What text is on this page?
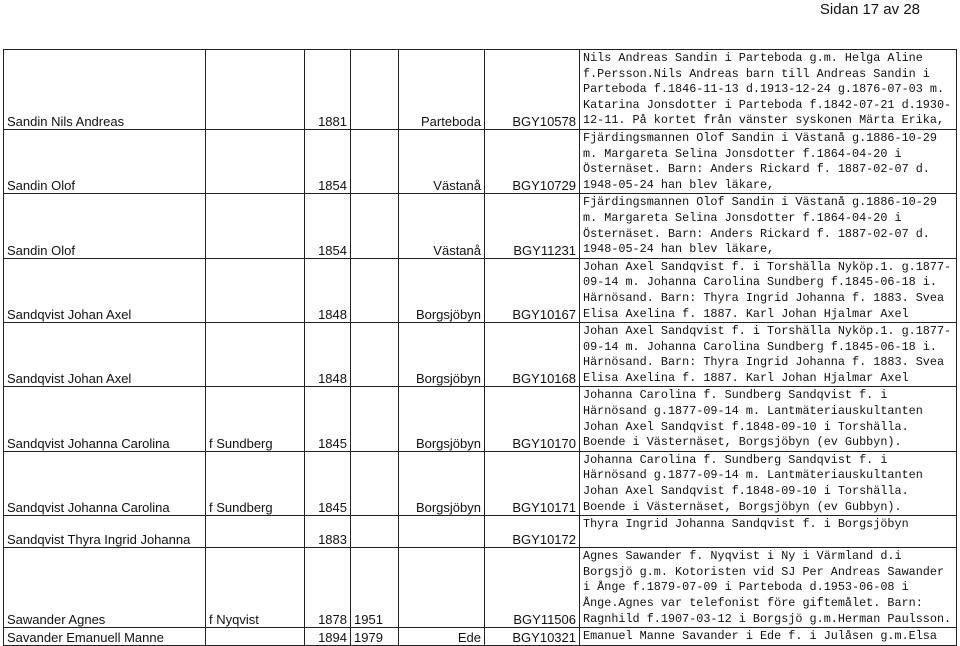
Sidan 17 av 28
Sandin Nils Andreas		1881		Parteboda	BGY10578	Nils Andreas Sandin i Parteboda g.m. Helga Aline f.Persson.Nils Andreas barn till Andreas Sandin i Parteboda f.1846-11-13 d.1913-12-24 g.1876-07-03 m. Katarina Jonsdotter i Parteboda f.1842-07-21 d.1930-12-11. På kortet från vänster syskonen Märta Erika,
Sandin Olof		1854		Västanå	BGY10729	Fjärdingsmannen Olof Sandin i Västanå g.1886-10-29 m. Margareta Selina Jonsdotter f.1864-04-20 i Östernäset. Barn: Anders Rickard f. 1887-02-07 d. 1948-05-24 han blev läkare,
Sandin Olof		1854		Västanå	BGY11231	Fjärdingsmannen Olof Sandin i Västanå g.1886-10-29 m. Margareta Selina Jonsdotter f.1864-04-20 i Östernäset. Barn: Anders Rickard f. 1887-02-07 d. 1948-05-24 han blev läkare,
Sandqvist Johan Axel		1848		Borgsjöbyn	BGY10167	Johan Axel Sandqvist f. i Torshälla Nyköp.1. g.1877-09-14 m. Johanna Carolina Sundberg f.1845-06-18 i. Härnösand. Barn: Thyra Ingrid Johanna f. 1883. Svea Elisa Axelina f. 1887. Karl Johan Hjalmar Axel
Sandqvist Johan Axel		1848		Borgsjöbyn	BGY10168	Johan Axel Sandqvist f. i Torshälla Nyköp.1. g.1877-09-14 m. Johanna Carolina Sundberg f.1845-06-18 i. Härnösand. Barn: Thyra Ingrid Johanna f. 1883. Svea Elisa Axelina f. 1887. Karl Johan Hjalmar Axel
Sandqvist Johanna Carolina	f Sundberg	1845		Borgsjöbyn	BGY10170	Johanna Carolina f. Sundberg Sandqvist f. i Härnösand g.1877-09-14 m. Lantmäteriauskultanten Johan Axel Sandqvist f.1848-09-10 i Torshälla. Boende i Västernäset, Borgsjöbyn (ev Gubbyn).
Sandqvist Johanna Carolina	f Sundberg	1845		Borgsjöbyn	BGY10171	Johanna Carolina f. Sundberg Sandqvist f. i Härnösand g.1877-09-14 m. Lantmäteriauskultanten Johan Axel Sandqvist f.1848-09-10 i Torshälla. Boende i Västernäset, Borgsjöbyn (ev Gubbyn).
Sandqvist Thyra Ingrid Johanna		1883			BGY10172	Thyra Ingrid Johanna Sandqvist f. i Borgsjöbyn
Sawander Agnes	f Nyqvist	1878	1951		BGY11506	Agnes Sawander f. Nyqvist i Ny i Värmland d.i Borgsjö g.m. Kotoristen vid SJ Per Andreas Sawander i Ånge f.1879-07-09 i Parteboda d.1953-06-08 i Ånge.Agnes var telefonist före giftemålet. Barn: Ragnhild f.1907-03-12 i Borgsjö g.m.Herman Paulsson.
Savander Emanuell Manne		1894	1979	Ede	BGY10321	Emanuel Manne Savander i Ede f. i Julåsen g.m.Elsa
